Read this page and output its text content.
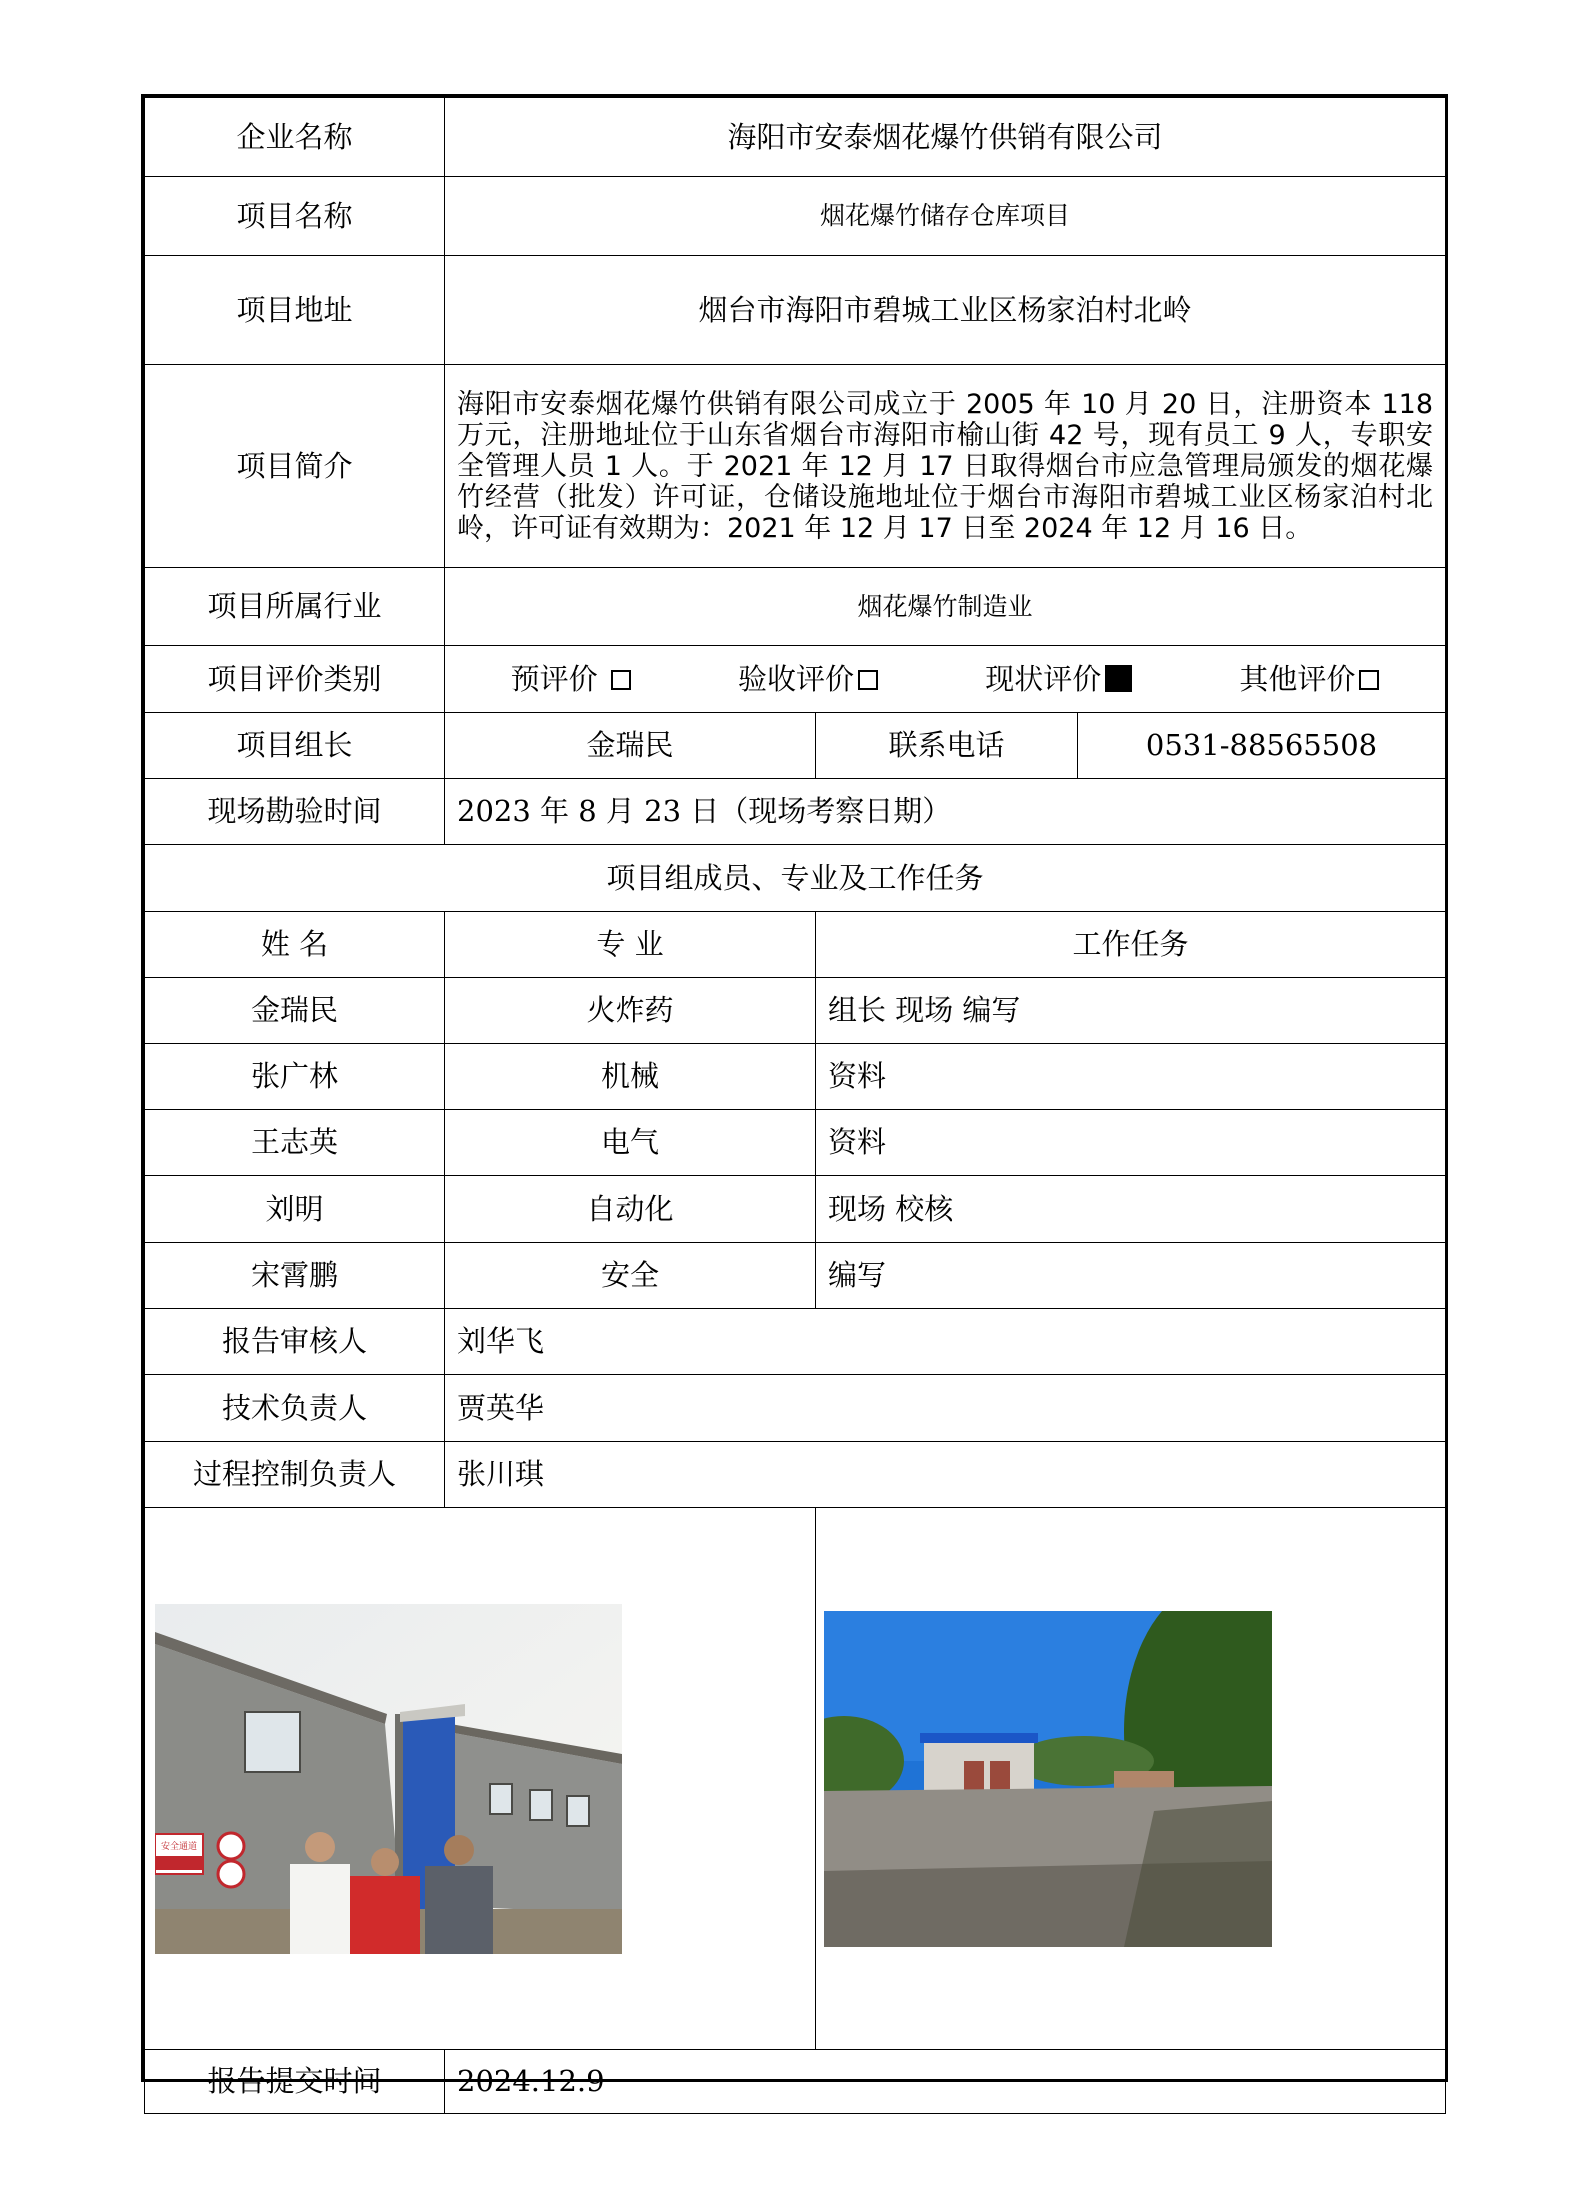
企业名称	海阳市安泰烟花爆竹供销有限公司		
项目名称	烟花爆竹储存仓库项目		
项目地址	烟台市海阳市碧城工业区杨家泊村北岭		
项目简介	海阳市安泰烟花爆竹供销有限公司成立于 2005 年 10 月 20 日，注册资本 118 万元，注册地址位于山东省烟台市海阳市榆山街 42 号，现有员工 9 人，专职安全管理人员 1 人。于 2021 年 12 月 17 日取得烟台市应急管理局颁发的烟花爆竹经营（批发）许可证，仓储设施地址位于烟台市海阳市碧城工业区杨家泊村北岭，许可证有效期为：2021 年 12 月 17 日至 2024 年 12 月 16 日。		
项目所属行业	烟花爆竹制造业		
项目评价类别	预评价 验收评价 现状评价 其他评价		

项目组长	金瑞民	联系电话	0531-88565508
现场勘验时间	2023 年 8 月 23 日（现场考察日期）		
项目组成员、专业及工作任务			
姓 名	专 业	工作任务	
金瑞民	火炸药	组长 现场 编写	
张广林	机械	资料	
王志英	电气	资料	
刘明	自动化	现场 校核	
宋霄鹏	安全	编写	
报告审核人	刘华飞		
技术负责人	贾英华		
过程控制负责人	张川琪		

安全通道

报告提交时间	2024.12.9		
